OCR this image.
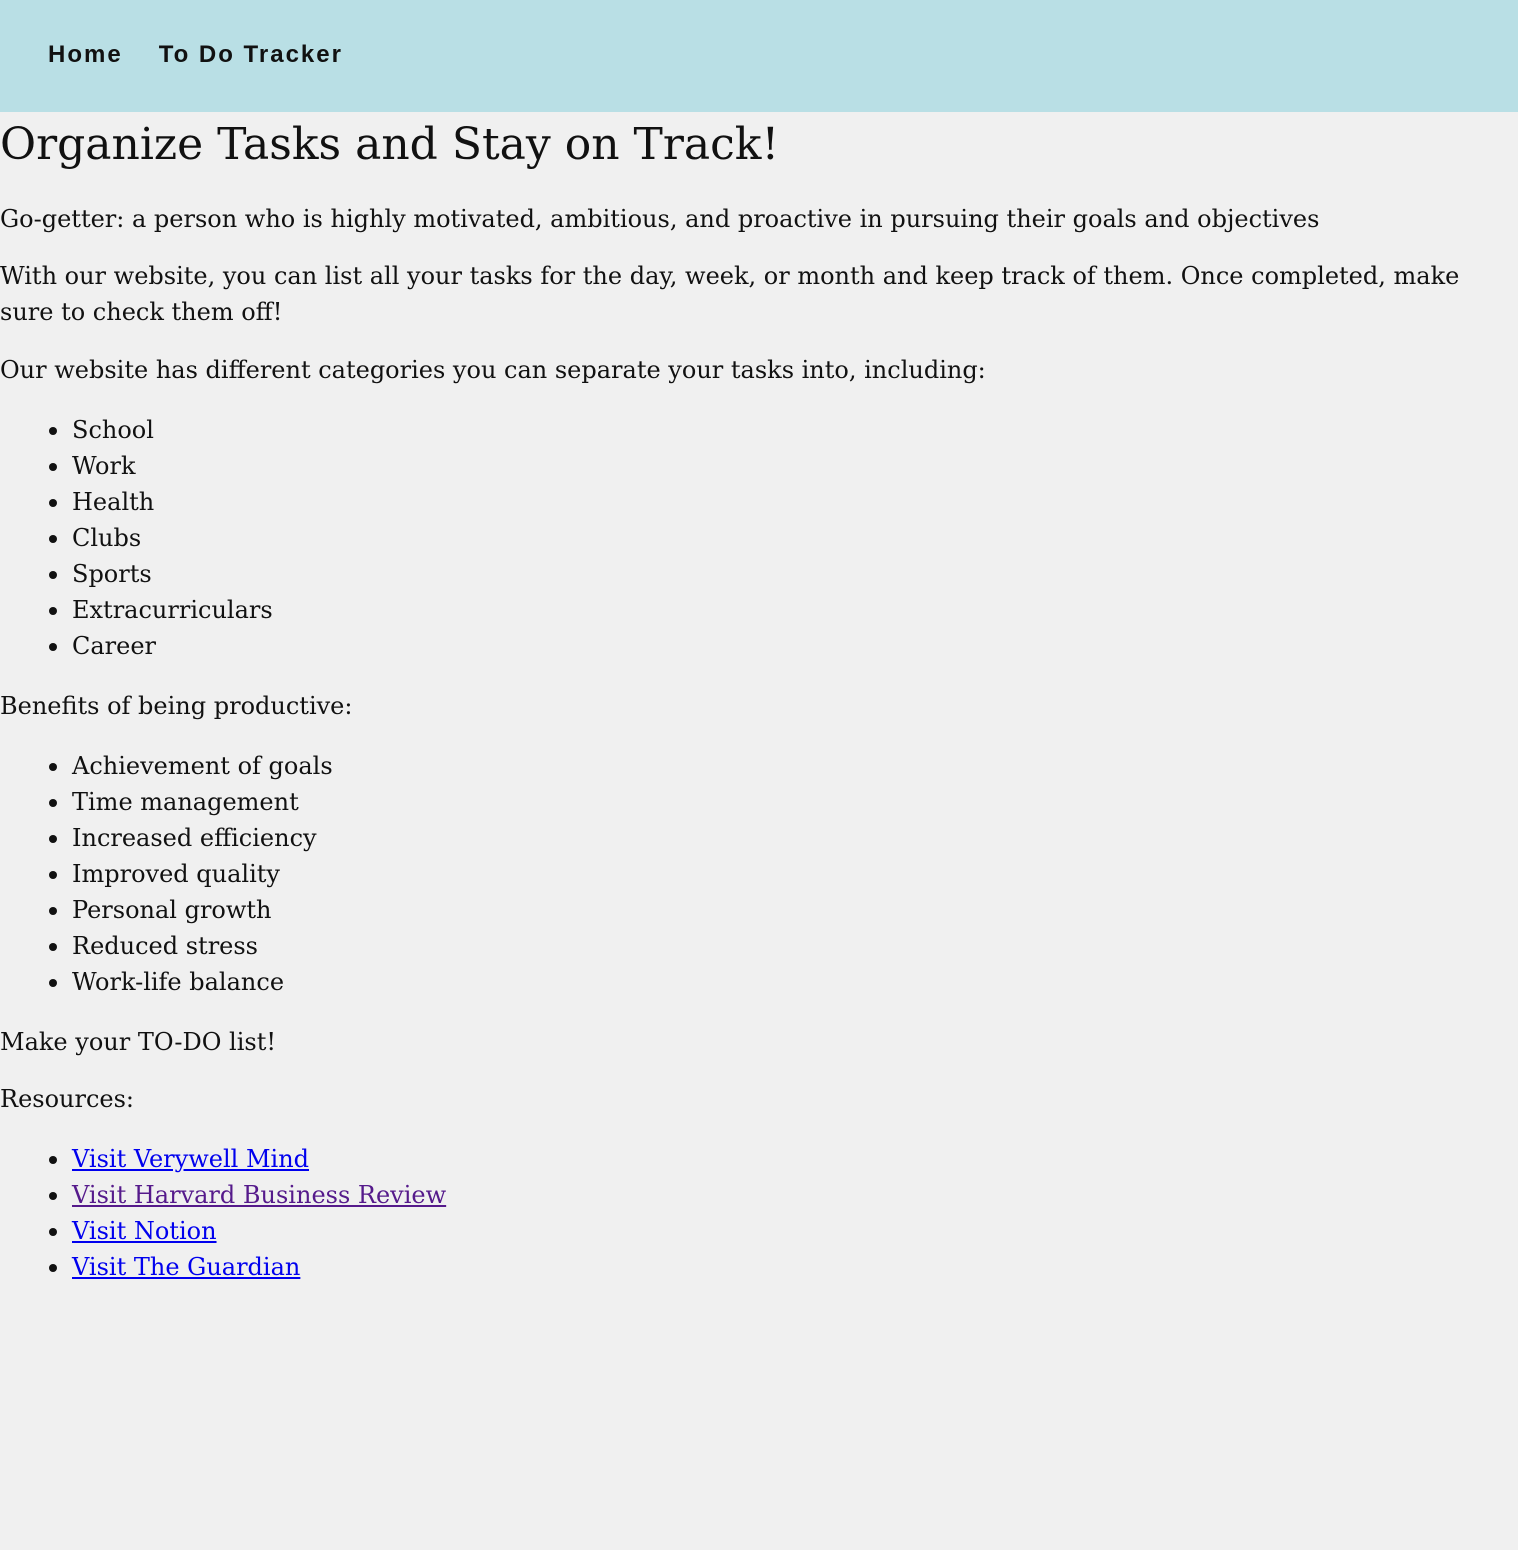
Home To Do Tracker
Organize Tasks and Stay on Track!

Go-getter: a person who is highly motivated, ambitious, and proactive in pursuing their goals and objectives

With our website, you can list all your tasks for the day, week, or month and keep track of them. Once completed, make sure to check them off!

Our website has different categories you can separate your tasks into, including:

School
Work
Health
Clubs
Sports
Extracurriculars
Career

Benefits of being productive:

Achievement of goals
Time management
Increased efficiency
Improved quality
Personal growth
Reduced stress
Work-life balance

Make your TO-DO list!

Resources:

Visit Verywell Mind
Visit Harvard Business Review
Visit Notion
Visit The Guardian
